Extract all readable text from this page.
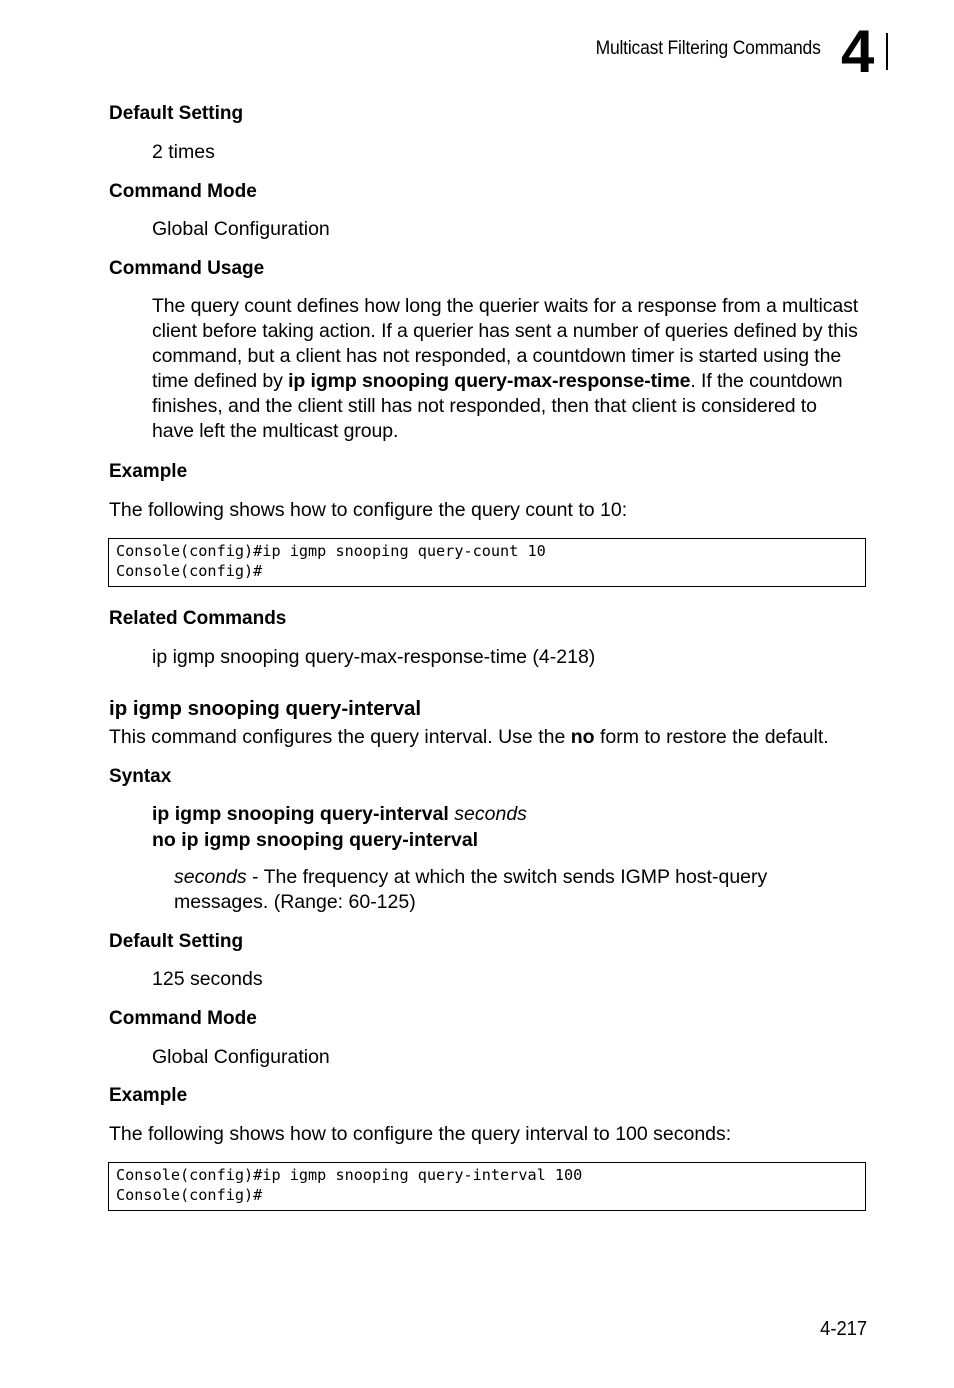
Multicast Filtering Commands 4
Default Setting
2 times
Command Mode
Global Configuration
Command Usage
The query count defines how long the querier waits for a response from a multicast client before taking action. If a querier has sent a number of queries defined by this command, but a client has not responded, a countdown timer is started using the time defined by ip igmp snooping query-max-response-time. If the countdown finishes, and the client still has not responded, then that client is considered to have left the multicast group.
Example
The following shows how to configure the query count to 10:
Console(config)#ip igmp snooping query-count 10
Console(config)#
Related Commands
ip igmp snooping query-max-response-time (4-218)
ip igmp snooping query-interval
This command configures the query interval. Use the no form to restore the default.
Syntax
ip igmp snooping query-interval seconds
no ip igmp snooping query-interval
seconds - The frequency at which the switch sends IGMP host-query messages. (Range: 60-125)
Default Setting
125 seconds
Command Mode
Global Configuration
Example
The following shows how to configure the query interval to 100 seconds:
Console(config)#ip igmp snooping query-interval 100
Console(config)#
4-217
